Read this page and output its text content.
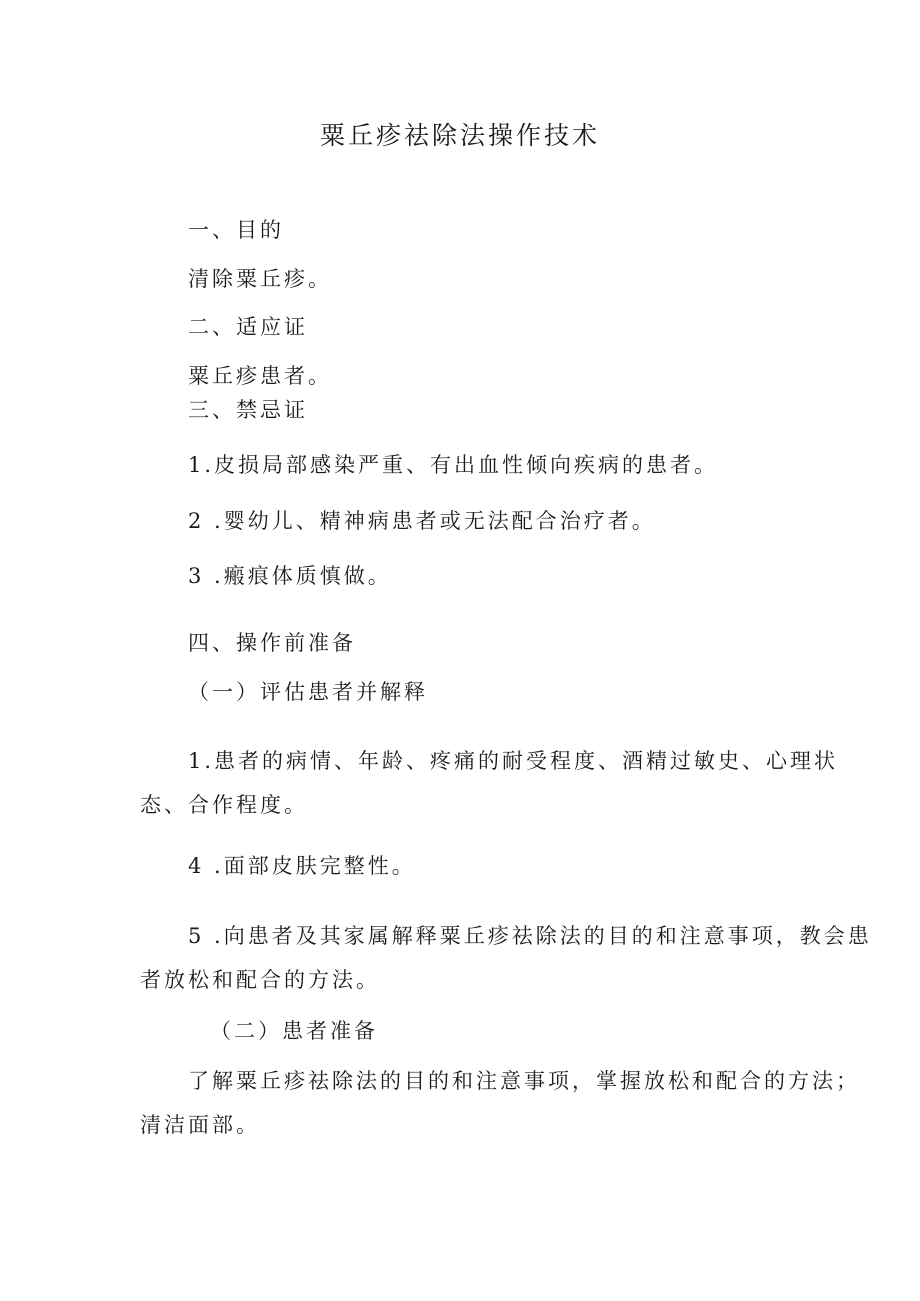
粟丘疹祛除法操作技术
一、目的
清除粟丘疹。
二、适应证
粟丘疹患者。
三、禁忌证
1.皮损局部感染严重、有出血性倾向疾病的患者。
2 .婴幼儿、精神病患者或无法配合治疗者。
3 .瘢痕体质慎做。
四、操作前准备
（一）评估患者并解释
1.患者的病情、年龄、疼痛的耐受程度、酒精过敏史、心理状
态、合作程度。
4 .面部皮肤完整性。
5 .向患者及其家属解释粟丘疹祛除法的目的和注意事项，教会患
者放松和配合的方法。
（二）患者准备
了解粟丘疹祛除法的目的和注意事项，掌握放松和配合的方法；
清洁面部。
